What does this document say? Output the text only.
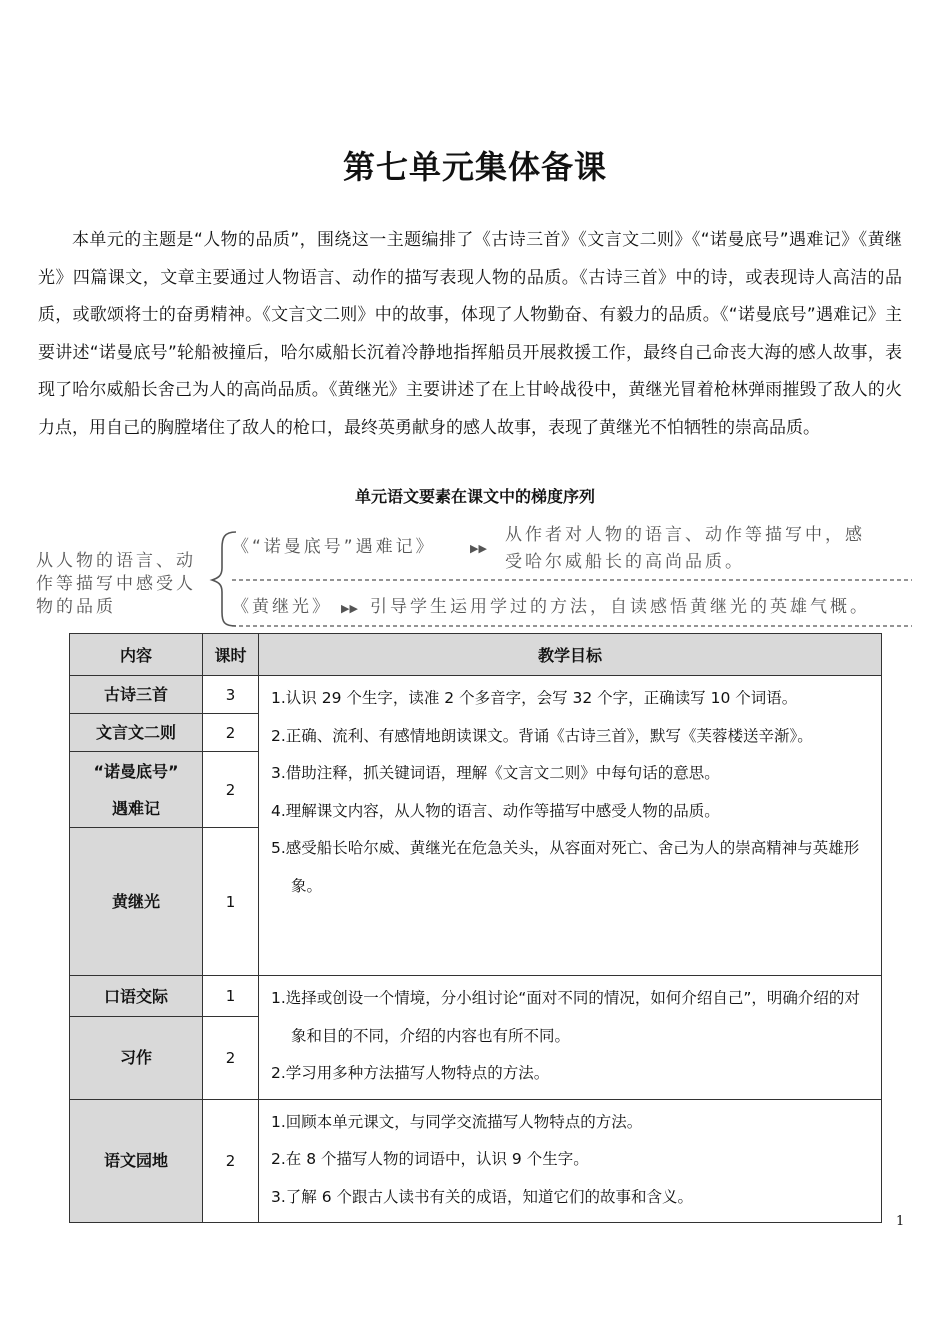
第七单元集体备课
本单元的主题是“人物的品质”，围绕这一主题编排了《古诗三首》《文言文二则》《“诺曼底号”遇难记》《黄继光》四篇课文，文章主要通过人物语言、动作的描写表现人物的品质。《古诗三首》中的诗，或表现诗人高洁的品质，或歌颂将士的奋勇精神。《文言文二则》中的故事，体现了人物勤奋、有毅力的品质。《“诺曼底号”遇难记》主要讲述“诺曼底号”轮船被撞后，哈尔威船长沉着冷静地指挥船员开展救援工作，最终自己命丧大海的感人故事，表现了哈尔威船长舍己为人的高尚品质。《黄继光》主要讲述了在上甘岭战役中，黄继光冒着枪林弹雨摧毁了敌人的火力点，用自己的胸膛堵住了敌人的枪口，最终英勇献身的感人故事，表现了黄继光不怕牺牲的崇高品质。
单元语文要素在课文中的梯度序列
从人物的语言、动
作等描写中感受人
物的品质
《“诺曼底号”遇难记》	▶▶
从作者对人物的语言、动作等描写中，感
受哈尔威船长的高尚品质。
《黄继光》 ▶▶ 引导学生运用学过的方法，自读感悟黄继光的英雄气概。
内容	课时	教学目标
古诗三首	3	1.认识 29 个生字，读准 2 个多音字，会写 32 个字，正确读写 10 个词语。
2.正确、流利、有感情地朗读课文。背诵《古诗三首》，默写《芙蓉楼送辛渐》。
3.借助注释，抓关键词语，理解《文言文二则》中每句话的意思。
4.理解课文内容，从人物的语言、动作等描写中感受人物的品质。
5.感受船长哈尔威、黄继光在危急关头，从容面对死亡、舍己为人的崇高精神与英雄形象。

文言文二则	2	

“诺曼底号”
遇难记	2	
黄继光	1	
口语交际	1	1.选择或创设一个情境，分小组讨论“面对不同的情况，如何介绍自己”，明确介绍的对象和目的不同，介绍的内容也有所不同。
2.学习用多种方法描写人物特点的方法。

习作	2	
语文园地	2	1.回顾本单元课文，与同学交流描写人物特点的方法。
2.在 8 个描写人物的词语中，认识 9 个生字。
3.了解 6 个跟古人读书有关的成语，知道它们的故事和含义。
1
